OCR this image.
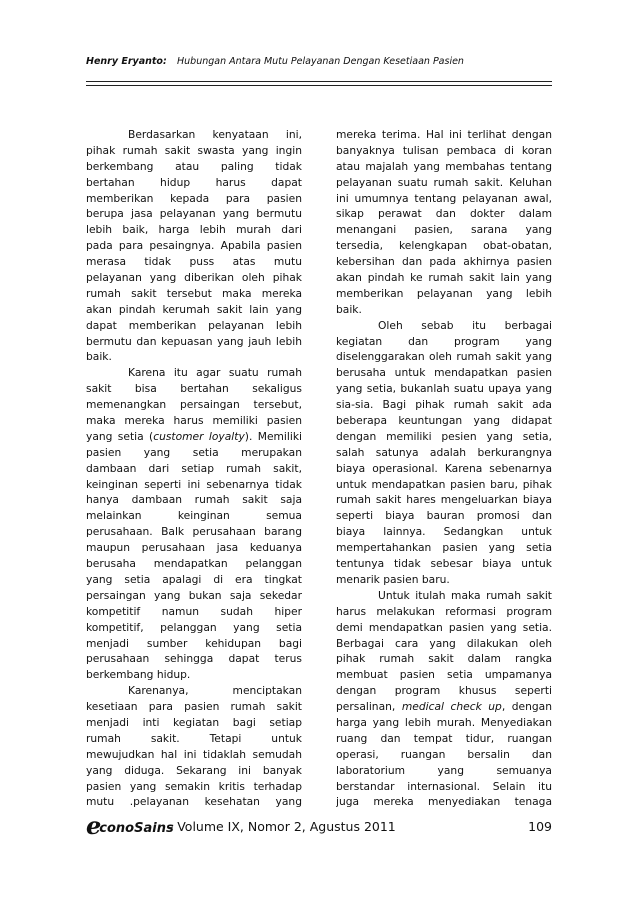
Henry Eryanto: Hubungan Antara Mutu Pelayanan Dengan Kesetiaan Pasien
Berdasarkan kenyataan ini,
pihak rumah sakit swasta yang ingin
berkembang atau paling tidak
bertahan hidup harus dapat
memberikan kepada para pasien
berupa jasa pelayanan yang bermutu
lebih baik, harga lebih murah dari
pada para pesaingnya. Apabila pasien
merasa tidak puss atas mutu
pelayanan yang diberikan oleh pihak
rumah sakit tersebut maka mereka
akan pindah kerumah sakit lain yang
dapat memberikan pelayanan lebih
bermutu dan kepuasan yang jauh lebih
baik.
Karena itu agar suatu rumah
sakit bisa bertahan sekaligus
memenangkan persaingan tersebut,
maka mereka harus memiliki pasien
yang setia (customer loyalty). Memiliki
pasien yang setia merupakan
dambaan dari setiap rumah sakit,
keinginan seperti ini sebenarnya tidak
hanya dambaan rumah sakit saja
melainkan keinginan semua
perusahaan. Balk perusahaan barang
maupun perusahaan jasa keduanya
berusaha mendapatkan pelanggan
yang setia apalagi di era tingkat
persaingan yang bukan saja sekedar
kompetitif namun sudah hiper
kompetitif, pelanggan yang setia
menjadi sumber kehidupan bagi
perusahaan sehingga dapat terus
berkembang hidup.
Karenanya, menciptakan
kesetiaan para pasien rumah sakit
menjadi inti kegiatan bagi setiap
rumah sakit. Tetapi untuk
mewujudkan hal ini tidaklah semudah
yang diduga. Sekarang ini banyak
pasien yang semakin kritis terhadap
mutu .pelayanan kesehatan yang
mereka terima. Hal ini terlihat dengan
banyaknya tulisan pembaca di koran
atau majalah yang membahas tentang
pelayanan suatu rumah sakit. Keluhan
ini umumnya tentang pelayanan awal,
sikap perawat dan dokter dalam
menangani pasien, sarana yang
tersedia, kelengkapan obat-obatan,
kebersihan dan pada akhirnya pasien
akan pindah ke rumah sakit lain yang
memberikan pelayanan yang lebih
baik.
Oleh sebab itu berbagai
kegiatan dan program yang
diselenggarakan oleh rumah sakit yang
berusaha untuk mendapatkan pasien
yang setia, bukanlah suatu upaya yang
sia-sia. Bagi pihak rumah sakit ada
beberapa keuntungan yang didapat
dengan memiliki pesien yang setia,
salah satunya adalah berkurangnya
biaya operasional. Karena sebenarnya
untuk mendapatkan pasien baru, pihak
rumah sakit hares mengeluarkan biaya
seperti biaya bauran promosi dan
biaya lainnya. Sedangkan untuk
mempertahankan pasien yang setia
tentunya tidak sebesar biaya untuk
menarik pasien baru.
Untuk itulah maka rumah sakit
harus melakukan reformasi program
demi mendapatkan pasien yang setia.
Berbagai cara yang dilakukan oleh
pihak rumah sakit dalam rangka
membuat pasien setia umpamanya
dengan program khusus seperti
persalinan, medical check up, dengan
harga yang lebih murah. Menyediakan
ruang dan tempat tidur, ruangan
operasi, ruangan bersalin dan
laboratorium yang semuanya
berstandar internasional. Selain itu
juga mereka menyediakan tenaga
e
conoSains
– Volume IX, Nomor 2, Agustus 2011	109
